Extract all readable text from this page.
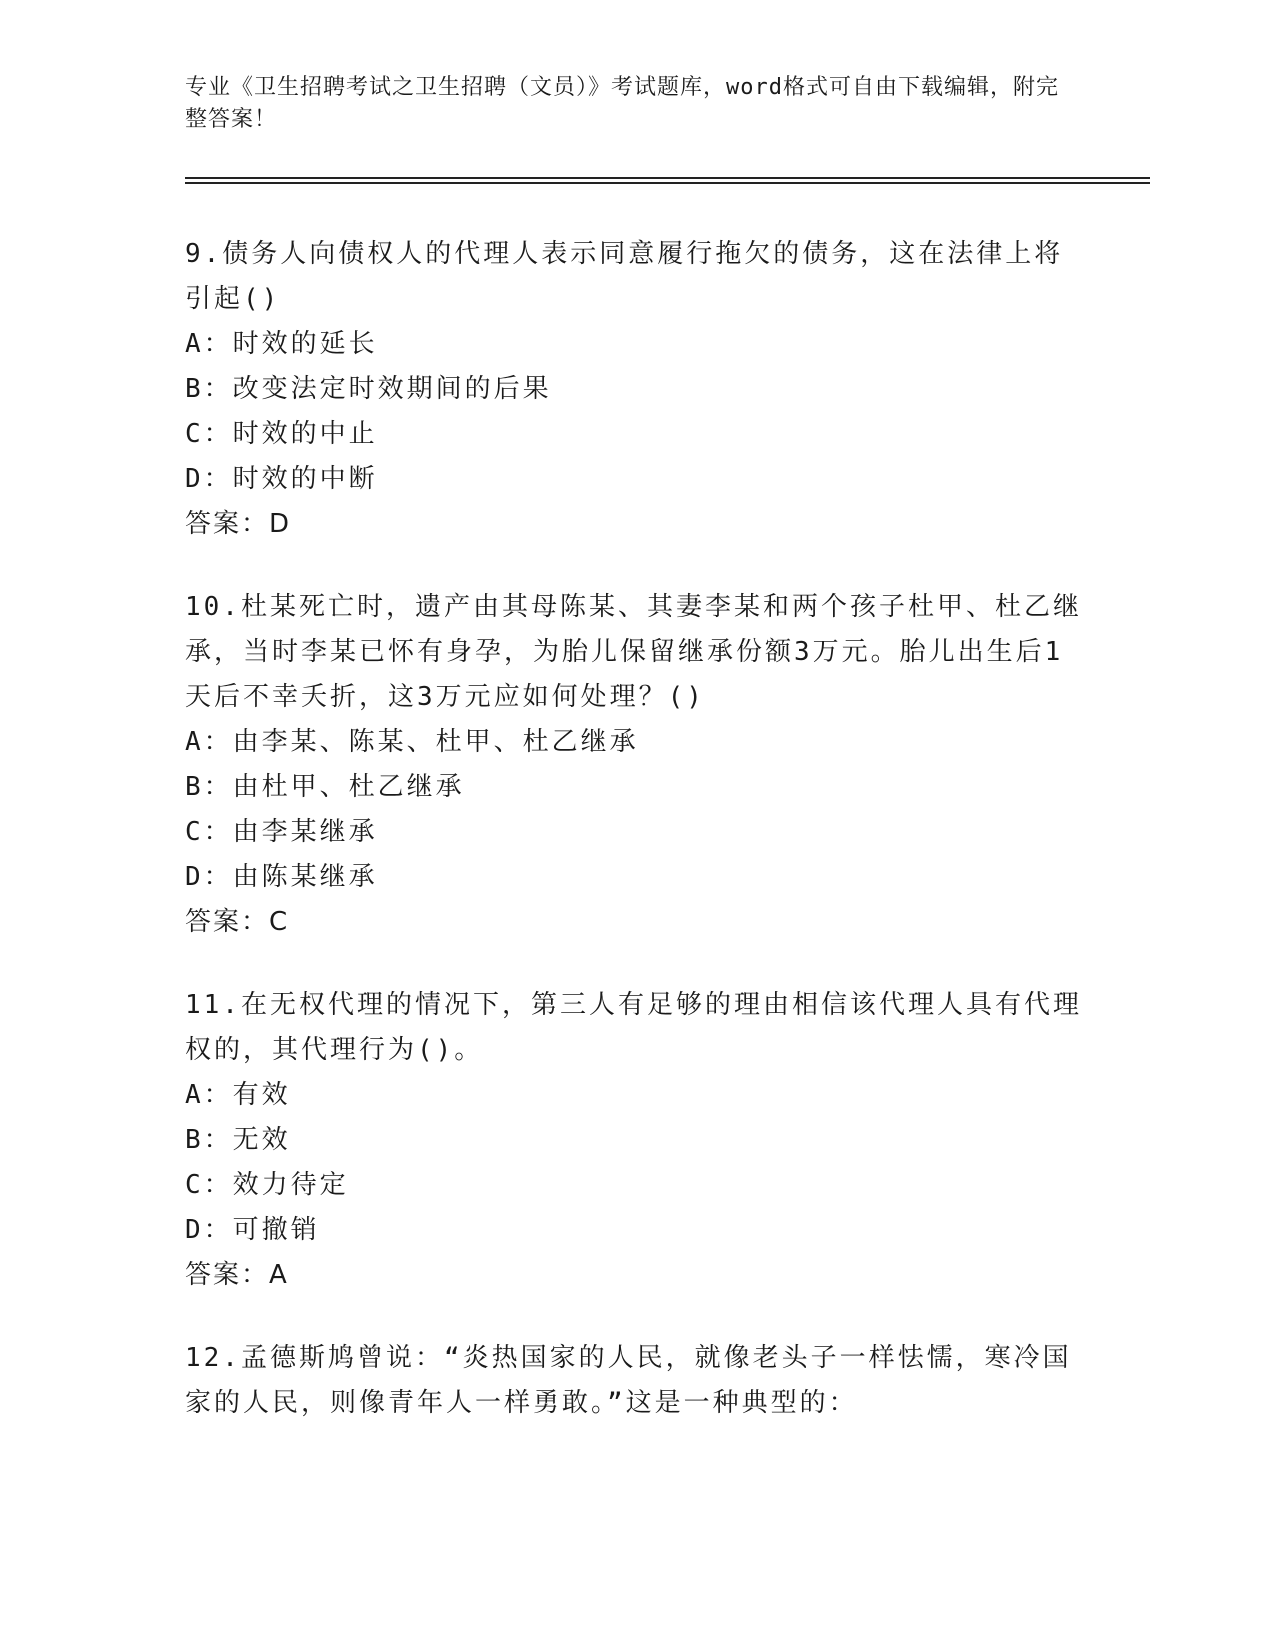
专业《卫生招聘考试之卫生招聘（文员）》考试题库，word格式可自由下载编辑，附完整答案！

9.债务人向债权人的代理人表示同意履行拖欠的债务，这在法律上将引起()

A：时效的延长

B：改变法定时效期间的后果

C：时效的中止

D：时效的中断

答案：D

10.杜某死亡时，遗产由其母陈某、其妻李某和两个孩子杜甲、杜乙继承，当时李某已怀有身孕，为胎儿保留继承份额3万元。胎儿出生后1天后不幸夭折，这3万元应如何处理？()

A：由李某、陈某、杜甲、杜乙继承

B：由杜甲、杜乙继承

C：由李某继承

D：由陈某继承

答案：C

11.在无权代理的情况下，第三人有足够的理由相信该代理人具有代理权的，其代理行为()。

A：有效

B：无效

C：效力待定

D：可撤销

答案：A

12.孟德斯鸠曾说：“炎热国家的人民，就像老头子一样怯懦，寒冷国家的人民，则像青年人一样勇敢。”这是一种典型的：
